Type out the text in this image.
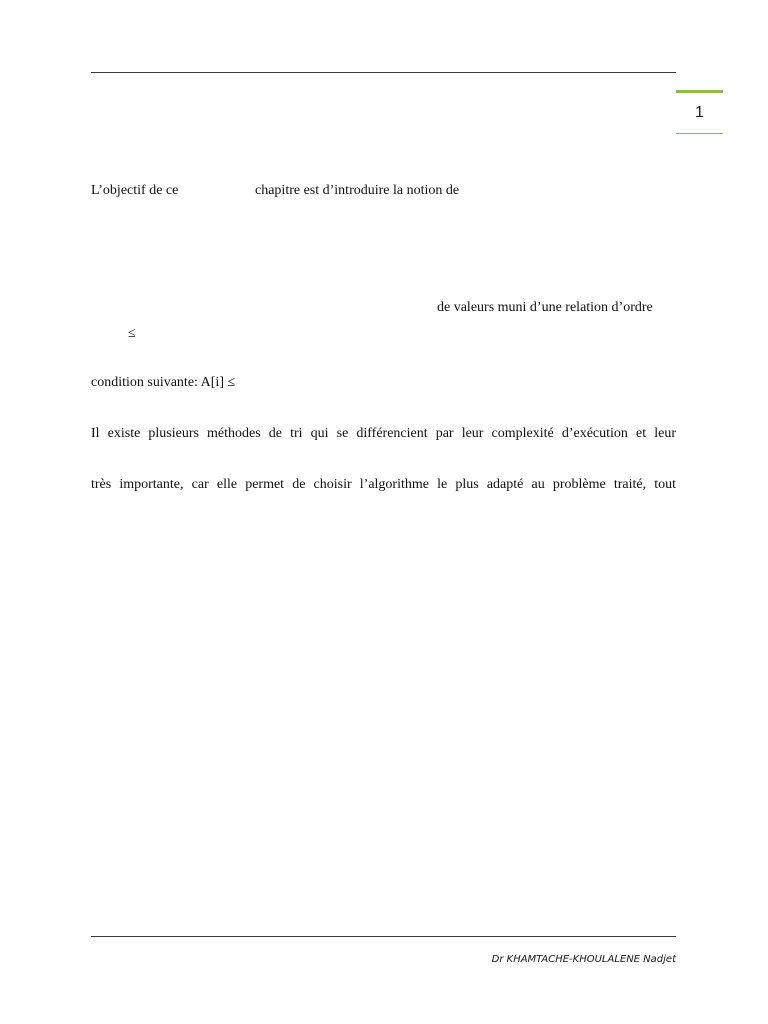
1
L’objectif de ce	chapitre est d’introduire la notion de
de valeurs muni d’une relation d’ordre
≤
condition suivante: A[i] ≤
Il existe plusieurs méthodes de tri qui se différencient par leur complexité d’exécution et leur
très importante, car elle permet de choisir l’algorithme le plus adapté au problème traité, tout
Dr KHAMTACHE-KHOULALENE Nadjet
